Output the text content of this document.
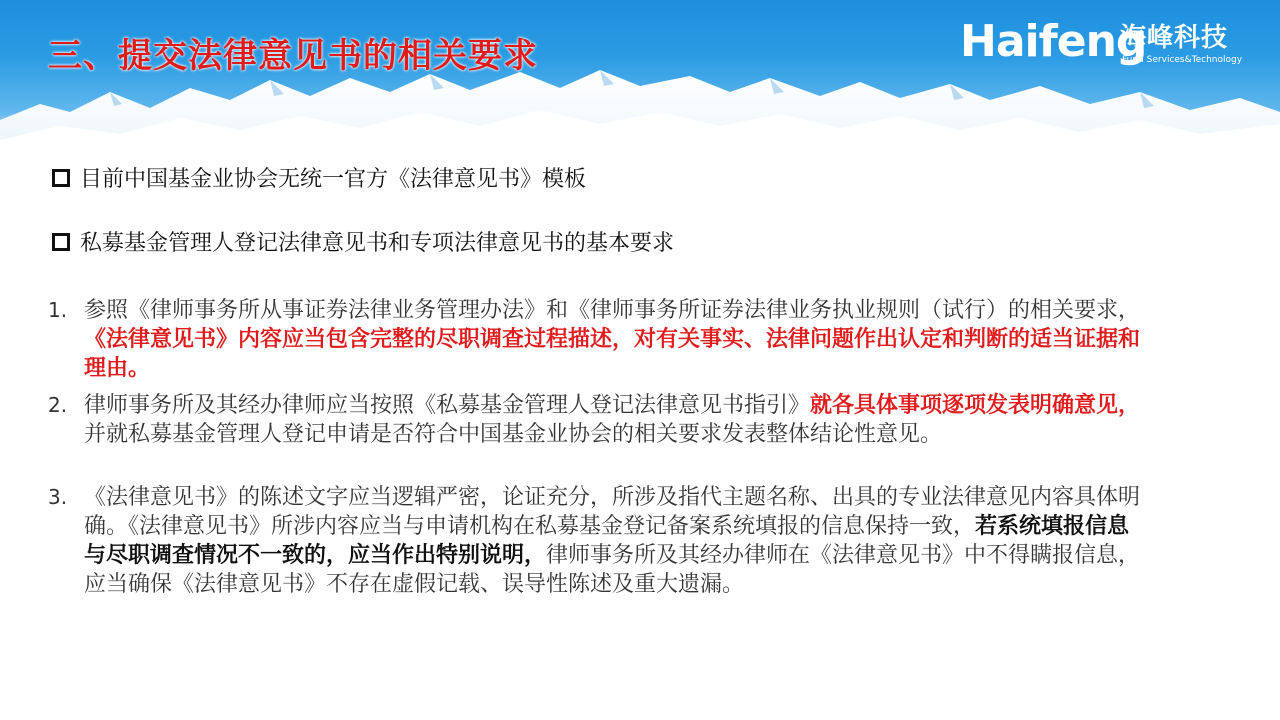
三、提交法律意见书的相关要求	Haifeng
海峰科技
Fund Services&Technology
目前中国基金业协会无统一官方《法律意见书》模板
私募基金管理人登记法律意见书和专项法律意见书的基本要求
1. 参照《律师事务所从事证券法律业务管理办法》和《律师事务所证券法律业务执业规则（试行）的相关要求，《法律意见书》内容应当包含完整的尽职调查过程描述，对有关事实、法律问题作出认定和判断的适当证据和理由。
2. 律师事务所及其经办律师应当按照《私募基金管理人登记法律意见书指引》就各具体事项逐项发表明确意见，并就私募基金管理人登记申请是否符合中国基金业协会的相关要求发表整体结论性意见。
3. 《法律意见书》的陈述文字应当逻辑严密，论证充分，所涉及指代主题名称、出具的专业法律意见内容具体明确。《法律意见书》所涉内容应当与申请机构在私募基金登记备案系统填报的信息保持一致，若系统填报信息与尽职调查情况不一致的，应当作出特别说明，律师事务所及其经办律师在《法律意见书》中不得瞒报信息，应当确保《法律意见书》不存在虚假记载、误导性陈述及重大遗漏。
